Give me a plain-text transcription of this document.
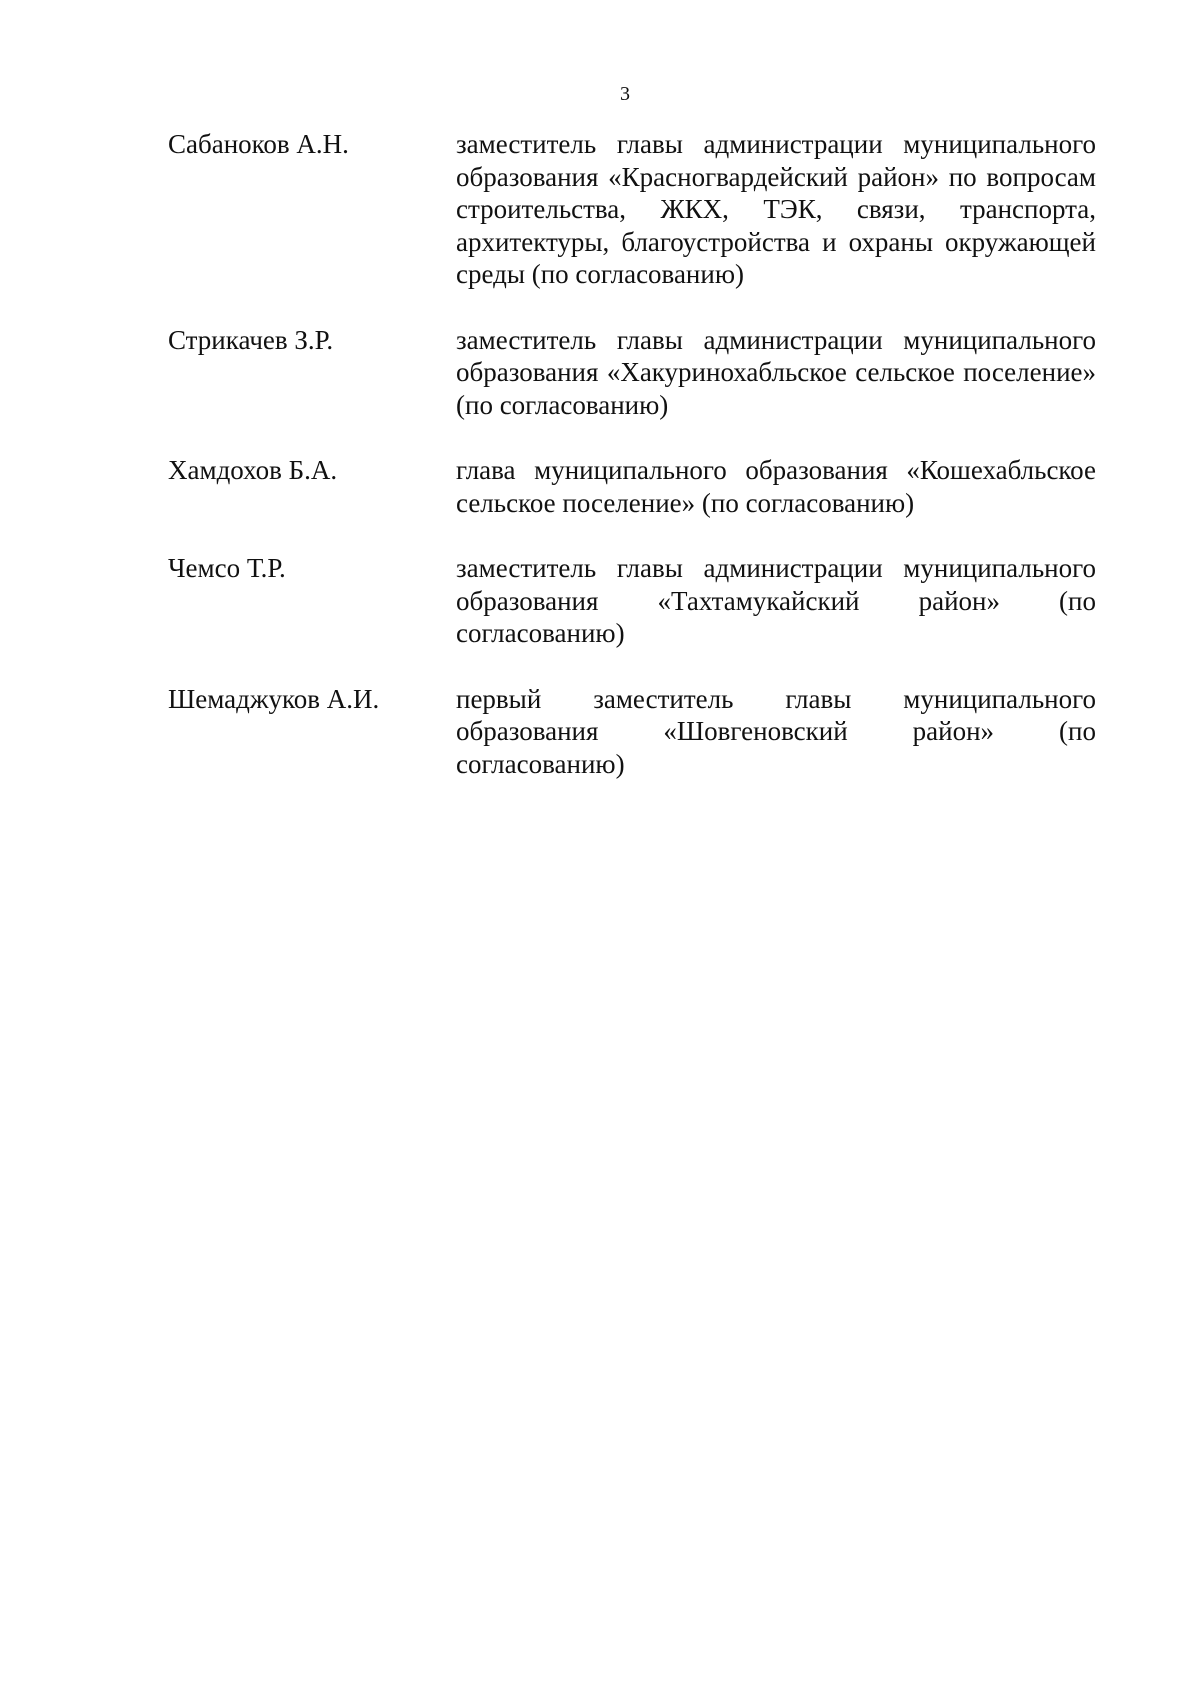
3
Сабаноков А.Н.	заместитель главы администрации муниципального образования «Красногвардейский район» по вопросам строительства, ЖКХ, ТЭК, связи, транспорта, архитектуры, благоустройства и охраны окружающей среды (по согласованию)
Стрикачев З.Р.	заместитель главы администрации муниципального образования «Хакуринохабльское сельское поселение» (по согласованию)
Хамдохов Б.А.	глава муниципального образования «Кошехабльское сельское поселение» (по согласованию)
Чемсо Т.Р.	заместитель главы администрации муниципального образования «Тахтамукайский район» (по согласованию)
Шемаджуков А.И.	первый заместитель главы муниципального образования «Шовгеновский район» (по согласованию)
